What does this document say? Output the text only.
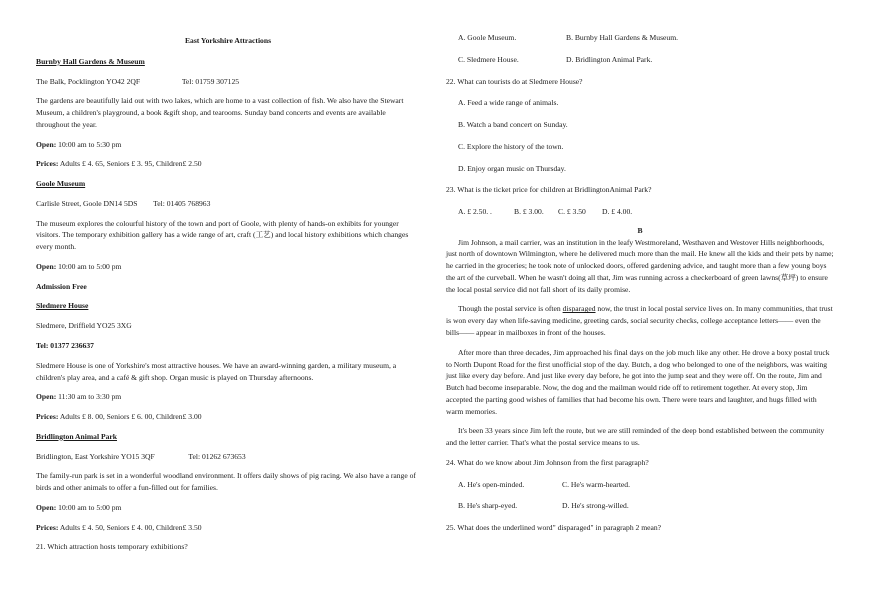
East Yorkshire Attractions

Burnby Hall Gardens & Museum

The Balk, Pocklington YO42 2QF	Tel: 01759 307125

The gardens are beautifully laid out with two lakes, which are home to a vast collection of fish. We also have the Stewart Museum, a children's playground, a book &gift shop, and tearooms. Sunday band concerts and events are available throughout the year.

Open: 10:00 am to 5:30 pm

Prices: Adults £ 4. 65, Seniors £ 3. 95, Children£ 2.50

Goole Museum

Carlisle Street, Goole DN14 5DS Tel: 01405 768963

The museum explores the colourful history of the town and port of Goole, with plenty of hands-on exhibits for younger visitors. The temporary exhibition gallery has a wide range of art, craft (工艺) and local history exhibitions which changes every month.

Open: 10:00 am to 5:00 pm

Admission Free

Sledmere House

Sledmere, Driffield YO25 3XG

Tel: 01377 236637

Sledmere House is one of Yorkshire's most attractive houses. We have an award-winning garden, a military museum, a children's play area, and a café & gift shop. Organ music is played on Thursday afternoons.

Open: 11:30 am to 3:30 pm

Prices: Adults £ 8. 00, Seniors £ 6. 00, Children£ 3.00

Bridlington Animal Park

Bridlington, East Yorkshire YO15 3QF	Tel: 01262 673653

The family-run park is set in a wonderful woodland environment. It offers daily shows of pig racing. We also have a range of birds and other animals to offer a fun-filled out for families.

Open: 10:00 am to 5:00 pm

Prices: Adults £ 4. 50, Seniors £ 4. 00, Children£ 3.50

21. Which attraction hosts temporary exhibitions?

A. Goole Museum.	B. Burnby Hall Gardens & Museum.
C. Sledmere House.	D. Bridlington Animal Park.

22. What can tourists do at Sledmere House?

A. Feed a wide range of animals.

B. Watch a band concert on Sunday.

C. Explore the history of the town.

D. Enjoy organ music on Thursday.

23. What is the ticket price for children at BridlingtonAnimal Park?

A. £ 2.50. .	B. £ 3.00.	C. £ 3.50	D. £ 4.00.

B

Jim Johnson, a mail carrier, was an institution in the leafy Westmoreland, Westhaven and Westover Hills neighborhoods, just north of downtown Wilmington, where he delivered much more than the mail. He knew all the kids and their pets by name; he carried in the groceries; he took note of unlocked doors, offered gardening advice, and taught more than a few young boys the art of the curveball. When he wasn't doing all that, Jim was running across a checkerboard of green lawns(草坪) to ensure the local postal service did not fall short of its daily promise.

Though the postal service is often disparaged now, the trust in local postal service lives on. In many communities, that trust is won every day when life-saving medicine, greeting cards, social security checks, college acceptance letters—— even the bills—— appear in mailboxes in front of the houses.

After more than three decades, Jim approached his final days on the job much like any other. He drove a boxy postal truck to North Dupont Road for the first unofficial stop of the day. Butch, a dog who belonged to one of the neighbors, was waiting just like every day before. And just like every day before, he got into the jump seat and they were off. On the route, Jim and Butch had become inseparable. Now, the dog and the mailman would ride off to retirement together. At every stop, Jim accepted the parting good wishes of families that had become his own. There were tears and laughter, and hugs filled with warm memories.

It's been 33 years since Jim left the route, but we are still reminded of the deep bond established between the community and the letter carrier. That's what the postal service means to us.

24. What do we know about Jim Johnson from the first paragraph?

A. He's open-minded.	C. He's warm-hearted.
B. He's sharp-eyed.	D. He's strong-willed.

25. What does the underlined word" disparaged" in paragraph 2 mean?
